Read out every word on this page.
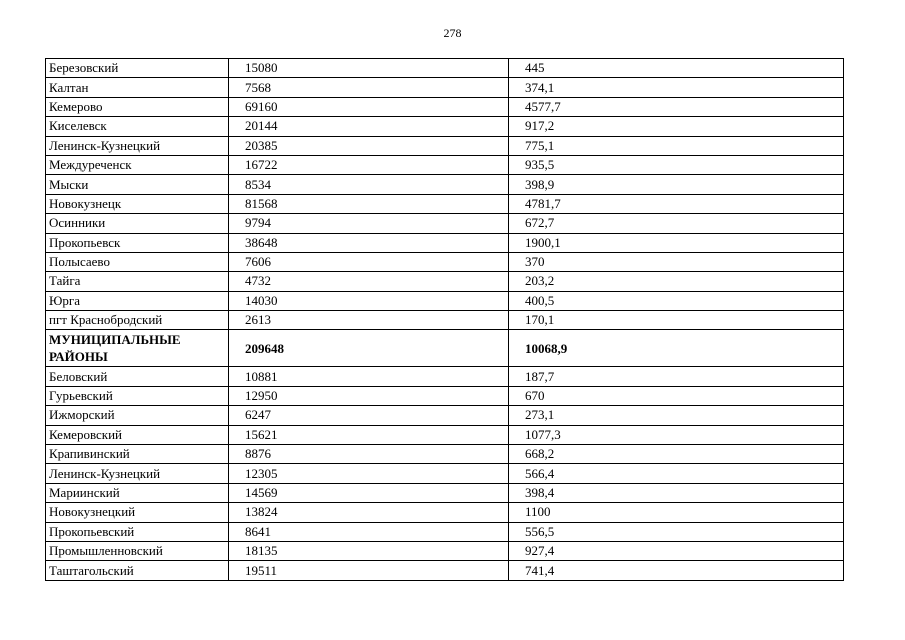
278
Березовский	15080	445
Калтан	7568	374,1
Кемерово	69160	4577,7
Киселевск	20144	917,2
Ленинск-Кузнецкий	20385	775,1
Междуреченск	16722	935,5
Мыски	8534	398,9
Новокузнецк	81568	4781,7
Осинники	9794	672,7
Прокопьевск	38648	1900,1
Полысаево	7606	370
Тайга	4732	203,2
Юрга	14030	400,5
пгт Краснобродский	2613	170,1
МУНИЦИПАЛЬНЫЕ РАЙОНЫ	209648	10068,9
Беловский	10881	187,7
Гурьевский	12950	670
Ижморский	6247	273,1
Кемеровский	15621	1077,3
Крапивинский	8876	668,2
Ленинск-Кузнецкий	12305	566,4
Мариинский	14569	398,4
Новокузнецкий	13824	1100
Прокопьевский	8641	556,5
Промышленновский	18135	927,4
Таштагольский	19511	741,4
